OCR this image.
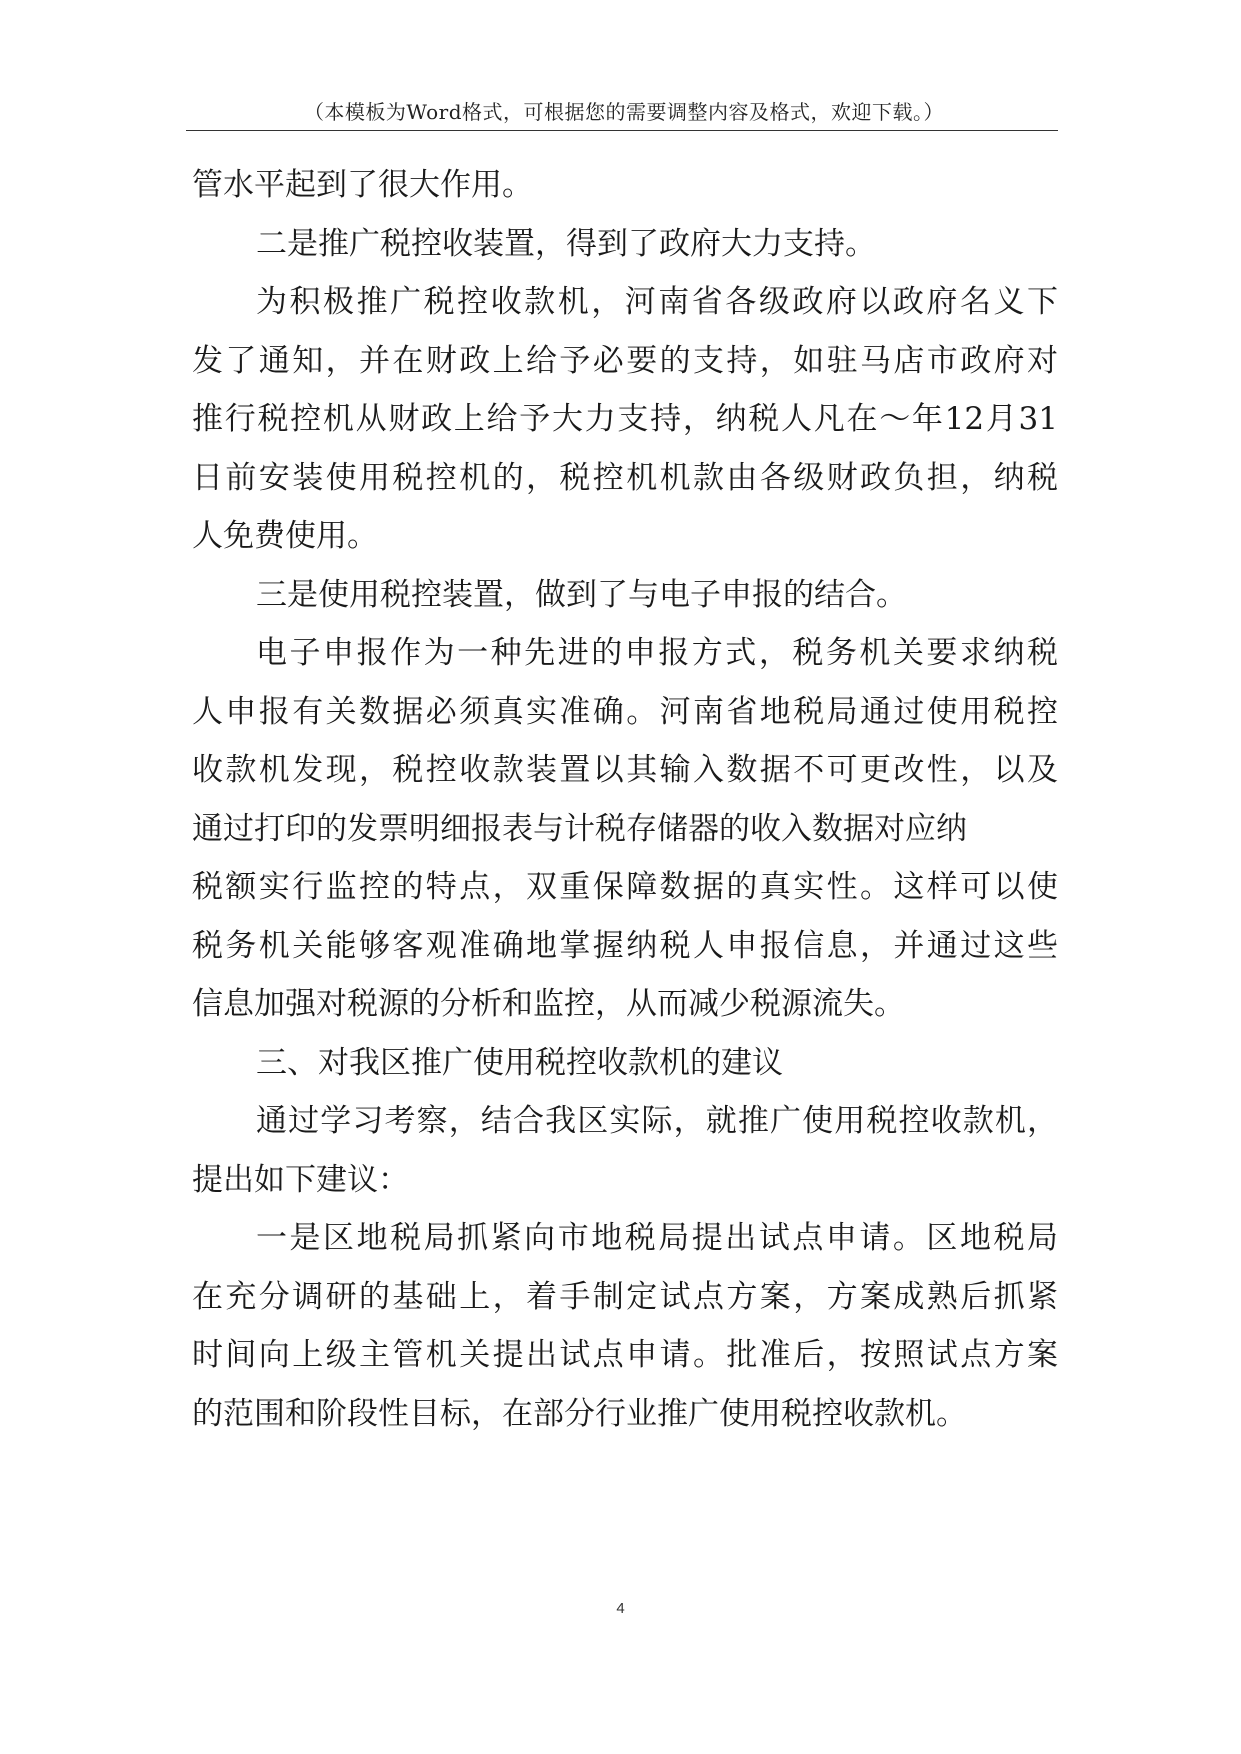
（本模板为Word格式，可根据您的需要调整内容及格式，欢迎下载。）
管水平起到了很大作用。
二是推广税控收装置，得到了政府大力支持。
为积极推广税控收款机，河南省各级政府以政府名义下
发了通知，并在财政上给予必要的支持，如驻马店市政府对
推行税控机从财政上给予大力支持，纳税人凡在～年12月31
日前安装使用税控机的，税控机机款由各级财政负担，纳税
人免费使用。
三是使用税控装置，做到了与电子申报的结合。
电子申报作为一种先进的申报方式，税务机关要求纳税
人申报有关数据必须真实准确。河南省地税局通过使用税控
收款机发现，税控收款装置以其输入数据不可更改性，以及
通过打印的发票明细报表与计税存储器的收入数据对应纳
税额实行监控的特点，双重保障数据的真实性。这样可以使
税务机关能够客观准确地掌握纳税人申报信息，并通过这些
信息加强对税源的分析和监控，从而减少税源流失。
三、对我区推广使用税控收款机的建议
通过学习考察，结合我区实际，就推广使用税控收款机，
提出如下建议：
一是区地税局抓紧向市地税局提出试点申请。区地税局
在充分调研的基础上，着手制定试点方案，方案成熟后抓紧
时间向上级主管机关提出试点申请。批准后，按照试点方案
的范围和阶段性目标，在部分行业推广使用税控收款机。
4
